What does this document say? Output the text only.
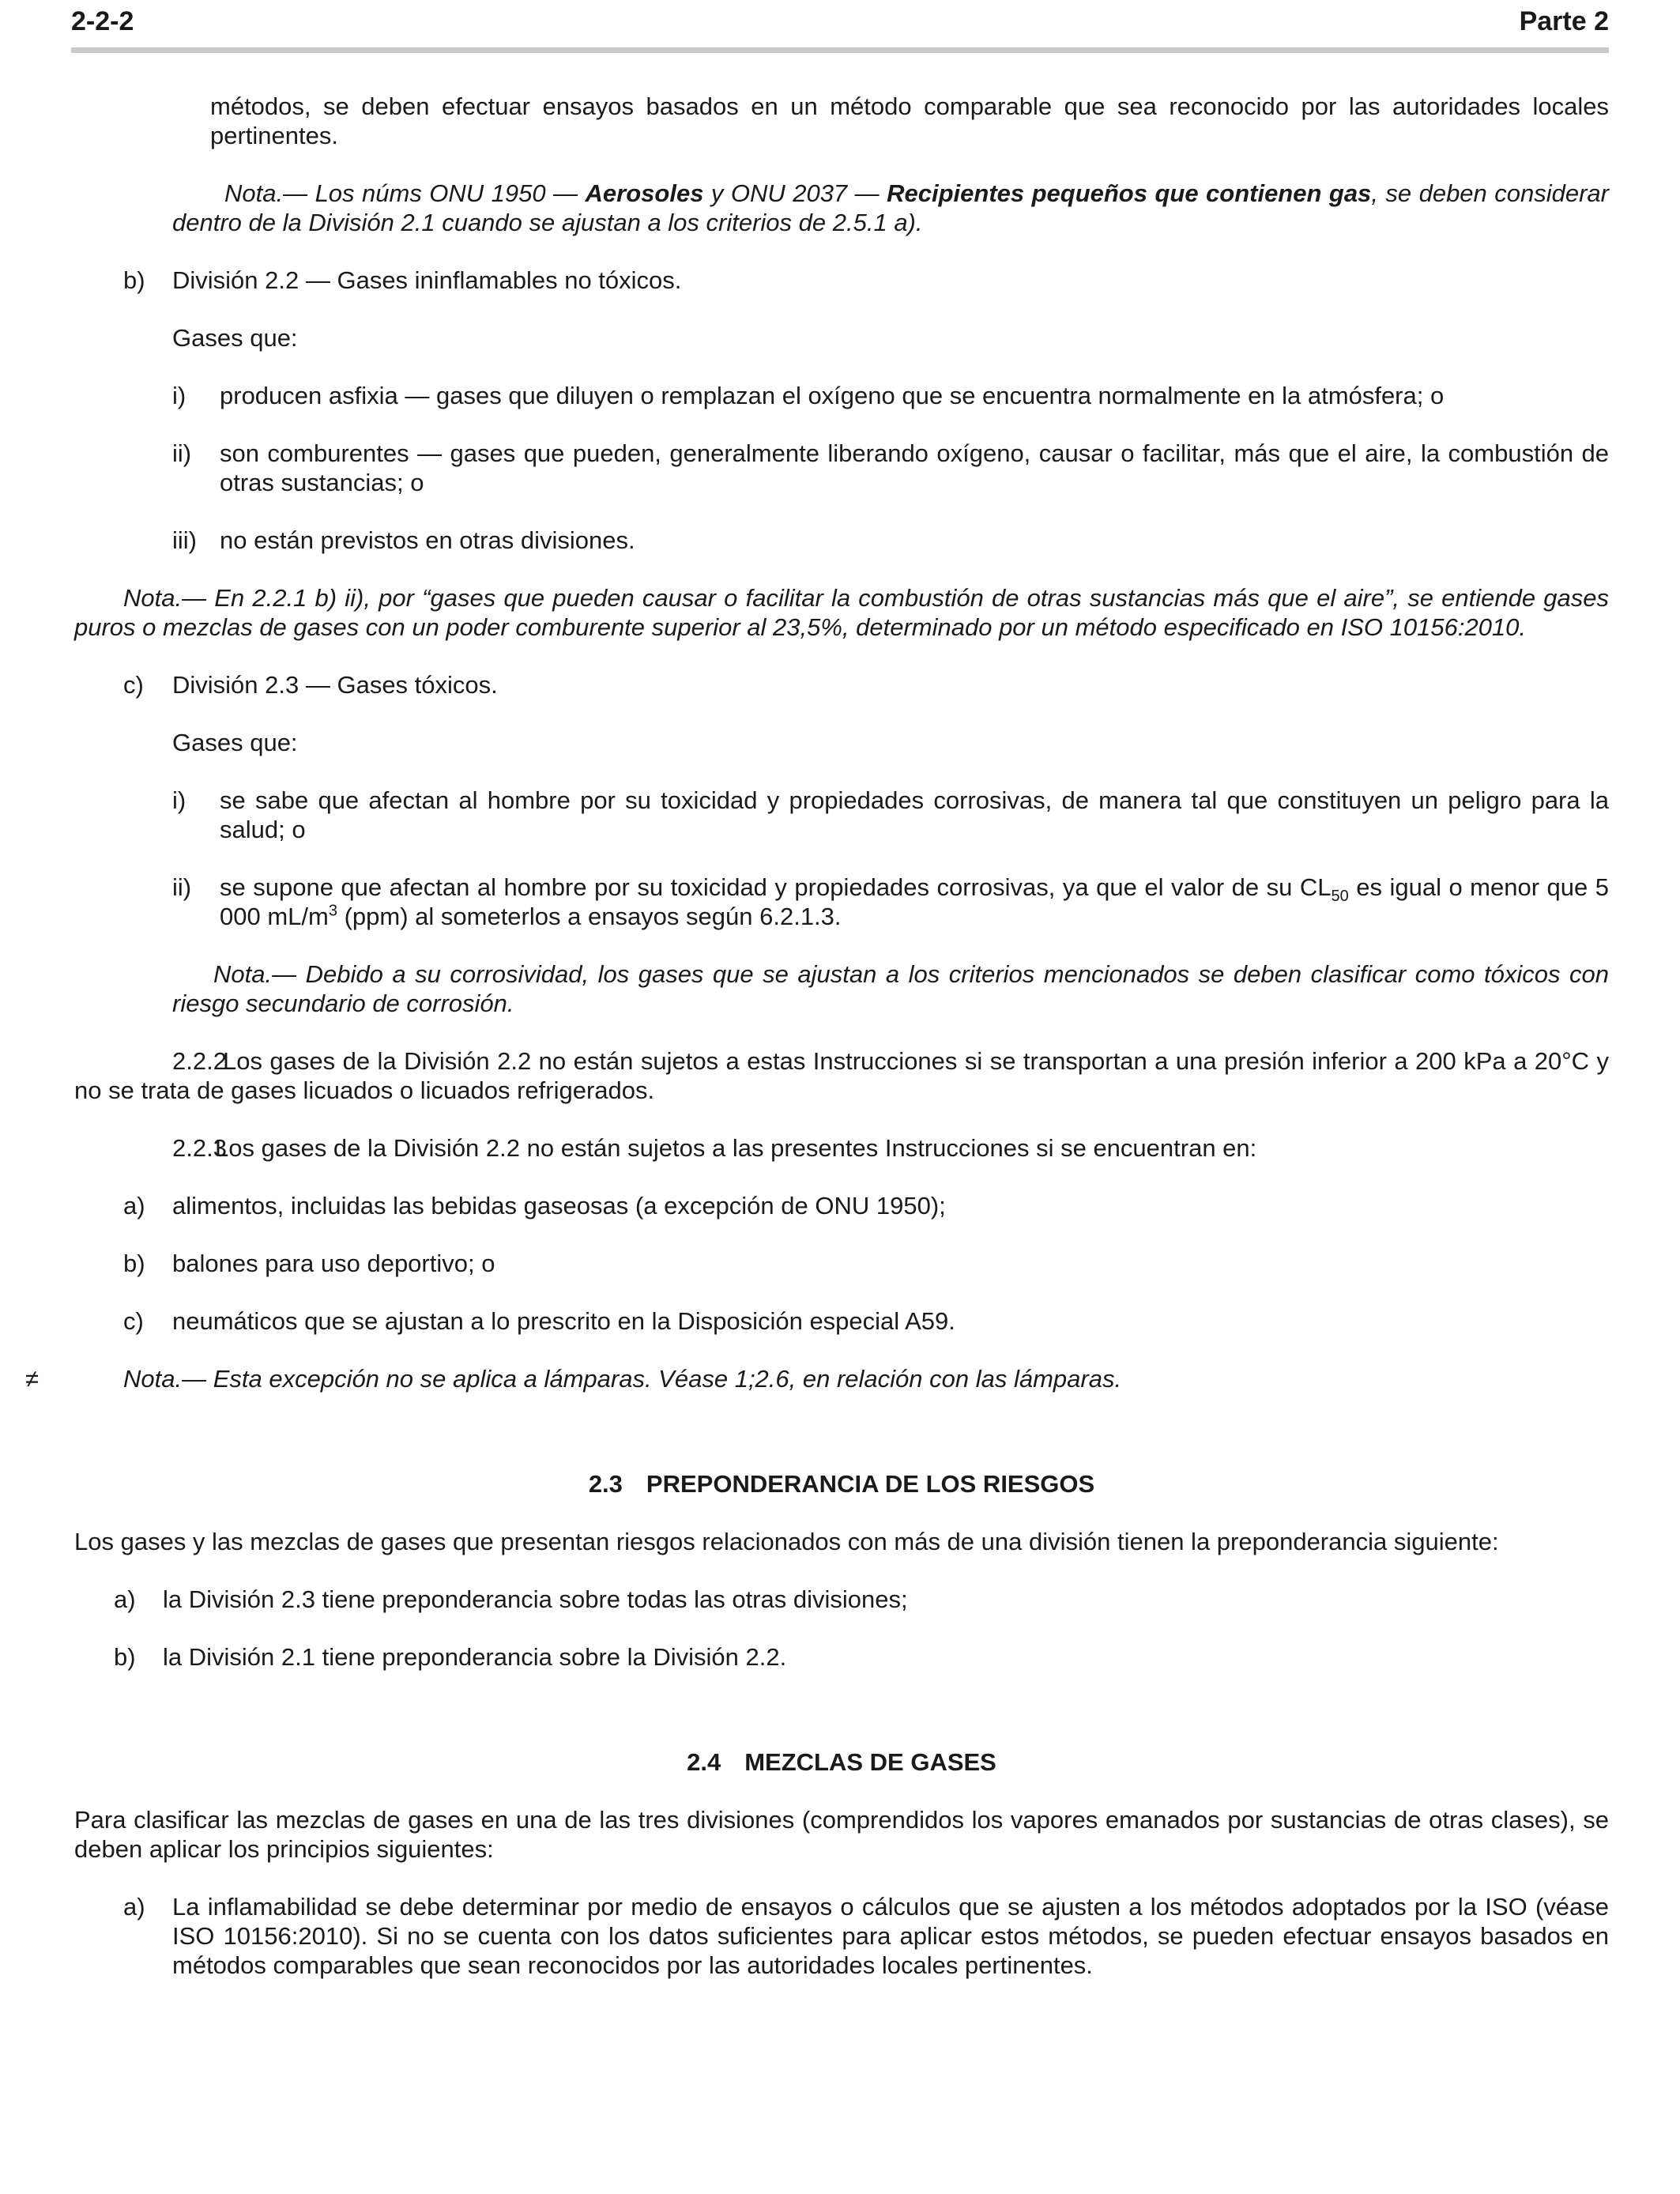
2-2-2	Parte 2

métodos, se deben efectuar ensayos basados en un método comparable que sea reconocido por las autoridades locales pertinentes.

Nota.— Los núms ONU 1950 — Aerosoles y ONU 2037 — Recipientes pequeños que contienen gas, se deben considerar dentro de la División 2.1 cuando se ajustan a los criterios de 2.5.1 a).

b) División 2.2 — Gases ininflamables no tóxicos.

Gases que:

i) producen asfixia — gases que diluyen o remplazan el oxígeno que se encuentra normalmente en la atmósfera; o

ii) son comburentes — gases que pueden, generalmente liberando oxígeno, causar o facilitar, más que el aire, la combustión de otras sustancias; o

iii) no están previstos en otras divisiones.

Nota.— En 2.2.1 b) ii), por “gases que pueden causar o facilitar la combustión de otras sustancias más que el aire”, se entiende gases puros o mezclas de gases con un poder comburente superior al 23,5%, determinado por un método especificado en ISO 10156:2010.

c) División 2.3 — Gases tóxicos.

Gases que:

i) se sabe que afectan al hombre por su toxicidad y propiedades corrosivas, de manera tal que constituyen un peligro para la salud; o

ii) se supone que afectan al hombre por su toxicidad y propiedades corrosivas, ya que el valor de su $CL_{50}$ es igual o menor que 5 000 $mL/m^3$ (ppm) al someterlos a ensayos según 6.2.1.3.

Nota.— Debido a su corrosividad, los gases que se ajustan a los criterios mencionados se deben clasificar como tóxicos con riesgo secundario de corrosión.

2.2.2Los gases de la División 2.2 no están sujetos a estas Instrucciones si se transportan a una presión inferior a 200 kPa a 20°C y no se trata de gases licuados o licuados refrigerados.

2.2.3Los gases de la División 2.2 no están sujetos a las presentes Instrucciones si se encuentran en:

a) alimentos, incluidas las bebidas gaseosas (a excepción de ONU 1950);

b) balones para uso deportivo; o

c) neumáticos que se ajustan a lo prescrito en la Disposición especial A59.

≠	Nota.— Esta excepción no se aplica a lámparas. Véase 1;2.6, en relación con las lámparas.

2.3 PREPONDERANCIA DE LOS RIESGOS

Los gases y las mezclas de gases que presentan riesgos relacionados con más de una división tienen la preponderancia siguiente:

a) la División 2.3 tiene preponderancia sobre todas las otras divisiones;

b) la División 2.1 tiene preponderancia sobre la División 2.2.

2.4 MEZCLAS DE GASES

Para clasificar las mezclas de gases en una de las tres divisiones (comprendidos los vapores emanados por sustancias de otras clases), se deben aplicar los principios siguientes:

a) La inflamabilidad se debe determinar por medio de ensayos o cálculos que se ajusten a los métodos adoptados por la ISO (véase ISO 10156:2010). Si no se cuenta con los datos suficientes para aplicar estos métodos, se pueden efectuar ensayos basados en métodos comparables que sean reconocidos por las autoridades locales pertinentes.
